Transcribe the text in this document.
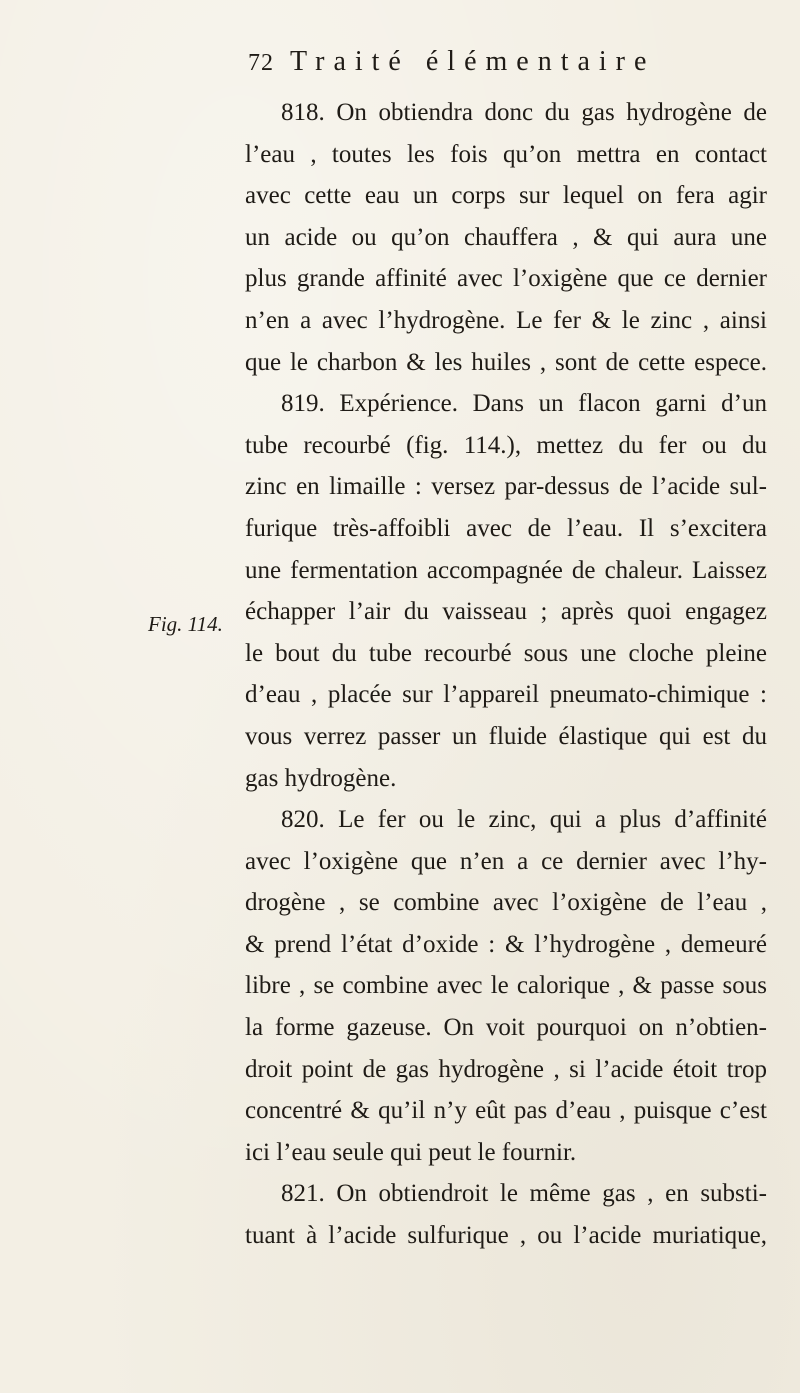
72 Traité élémentaire
Fig. 114.
818. On obtiendra donc du gas hydrogène de
l’eau , toutes les fois qu’on mettra en contact
avec cette eau un corps sur lequel on fera agir
un acide ou qu’on chauffera , & qui aura une
plus grande affinité avec l’oxigène que ce dernier
n’en a avec l’hydrogène. Le fer & le zinc , ainsi
que le charbon & les huiles , sont de cette espece.
819. Expérience. Dans un flacon garni d’un
tube recourbé (fig. 114.), mettez du fer ou du
zinc en limaille : versez par-dessus de l’acide sul-
furique très-affoibli avec de l’eau. Il s’excitera
une fermentation accompagnée de chaleur. Laissez
échapper l’air du vaisseau ; après quoi engagez
le bout du tube recourbé sous une cloche pleine
d’eau , placée sur l’appareil pneumato-chimique :
vous verrez passer un fluide élastique qui est du
gas hydrogène.
820. Le fer ou le zinc, qui a plus d’affinité
avec l’oxigène que n’en a ce dernier avec l’hy-
drogène , se combine avec l’oxigène de l’eau ,
& prend l’état d’oxide : & l’hydrogène , demeuré
libre , se combine avec le calorique , & passe sous
la forme gazeuse. On voit pourquoi on n’obtien-
droit point de gas hydrogène , si l’acide étoit trop
concentré & qu’il n’y eût pas d’eau , puisque c’est
ici l’eau seule qui peut le fournir.
821. On obtiendroit le même gas , en substi-
tuant à l’acide sulfurique , ou l’acide muriatique,
